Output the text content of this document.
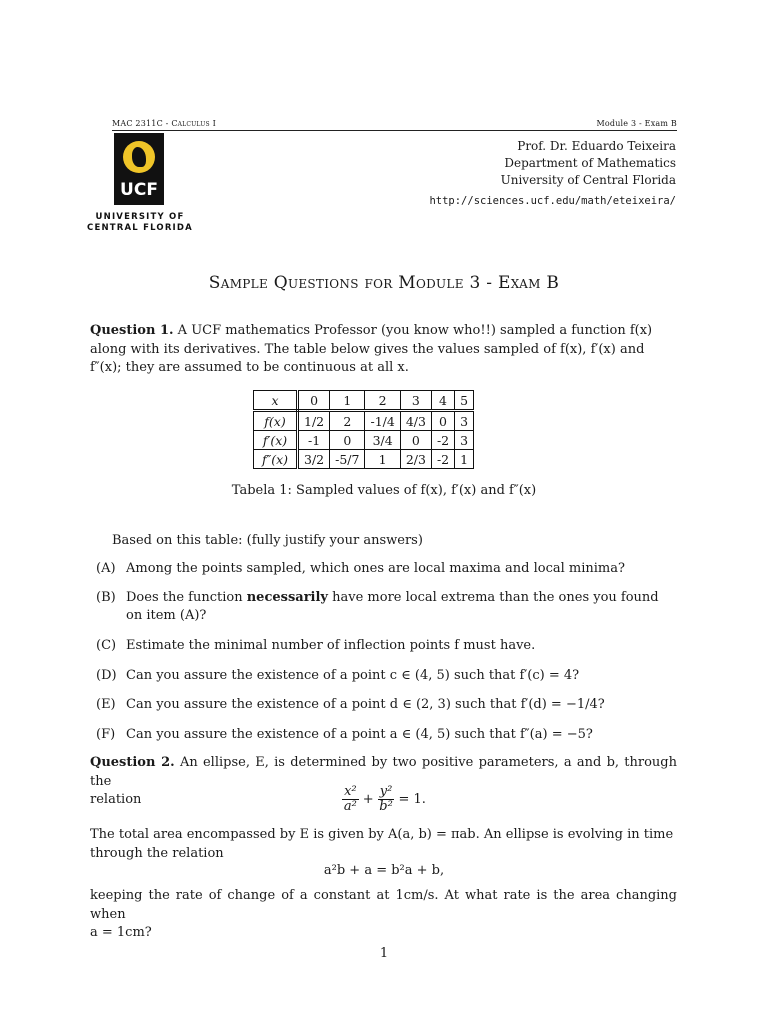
MAC 2311C - Calculus I	Module 3 - Exam B
UCF
UNIVERSITY OF
CENTRAL FLORIDA
Prof. Dr. Eduardo Teixeira
Department of Mathematics
University of Central Florida
http://sciences.ucf.edu/math/eteixeira/
Sample Questions for Module 3 - Exam B
Question 1. A UCF mathematics Professor (you know who!!) sampled a function f(x)
along with its derivatives. The table below gives the values sampled of f(x), f′(x) and
f″(x); they are assumed to be continuous at all x.
x	0	1	2	3	4	5
f(x)	1/2	2	-1/4	4/3	0	3
f′(x)	-1	0	3/4	0	-2	3
f″(x)	3/2	-5/7	1	2/3	-2	1
Tabela 1: Sampled values of f(x), f′(x) and f″(x)
Based on this table: (fully justify your answers)
(A) Among the points sampled, which ones are local maxima and local minima?
(B) Does the function necessarily have more local extrema than the ones you found on item (A)?
(C) Estimate the minimal number of inflection points f must have.
(D) Can you assure the existence of a point c ∈ (4, 5) such that f′(c) = 4?
(E) Can you assure the existence of a point d ∈ (2, 3) such that f′(d) = −1/4?
(F) Can you assure the existence of a point a ∈ (4, 5) such that f″(a) = −5?
Question 2. An ellipse, E, is determined by two positive parameters, a and b, through the
relation	$\frac{\text{x²}}{\text{a²}} + \frac{\text{y²}}{\text{b²}} = 1$.
The total area encompassed by E is given by A(a, b) = πab. An ellipse is evolving in time
through the relation
a²b + a = b²a + b,
keeping the rate of change of a constant at 1cm/s. At what rate is the area changing when
a = 1cm?
1
